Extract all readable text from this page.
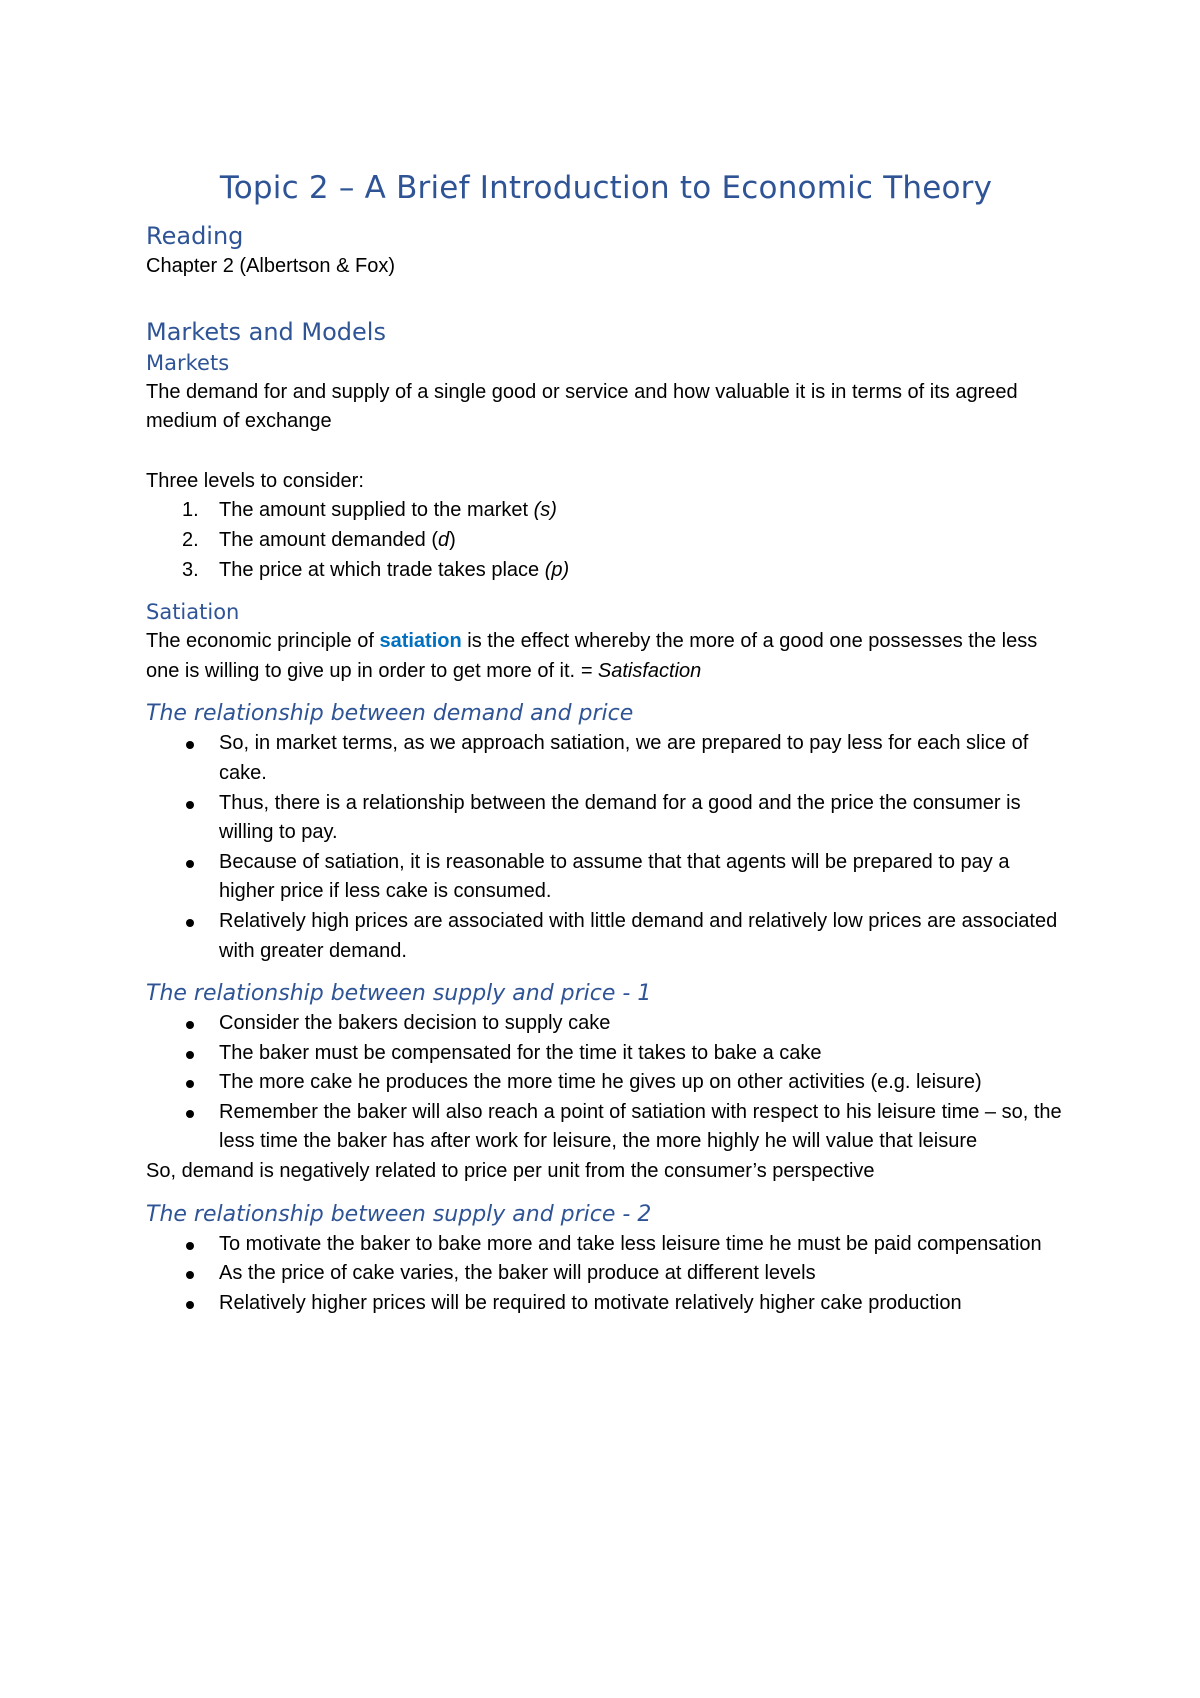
Topic 2 – A Brief Introduction to Economic Theory
Reading

Chapter 2 (Albertson & Fox)

Markets and Models
Markets

The demand for and supply of a single good or service and how valuable it is in terms of its agreed medium of exchange

Three levels to consider:

1.	The amount supplied to the market (s)
2.	The amount demanded (d)
3.	The price at which trade takes place (p)
Satiation

The economic principle of satiation is the effect whereby the more of a good one possesses the less one is willing to give up in order to get more of it. = Satisfaction

The relationship between demand and price
So, in market terms, as we approach satiation, we are prepared to pay less for each slice of cake.
Thus, there is a relationship between the demand for a good and the price the consumer is willing to pay.
Because of satiation, it is reasonable to assume that that agents will be prepared to pay a higher price if less cake is consumed.
Relatively high prices are associated with little demand and relatively low prices are associated with greater demand.
The relationship between supply and price - 1
Consider the bakers decision to supply cake
The baker must be compensated for the time it takes to bake a cake
The more cake he produces the more time he gives up on other activities (e.g. leisure)
Remember the baker will also reach a point of satiation with respect to his leisure time – so, the less time the baker has after work for leisure, the more highly he will value that leisure

So, demand is negatively related to price per unit from the consumer’s perspective

The relationship between supply and price - 2
To motivate the baker to bake more and take less leisure time he must be paid compensation
As the price of cake varies, the baker will produce at different levels
Relatively higher prices will be required to motivate relatively higher cake production
